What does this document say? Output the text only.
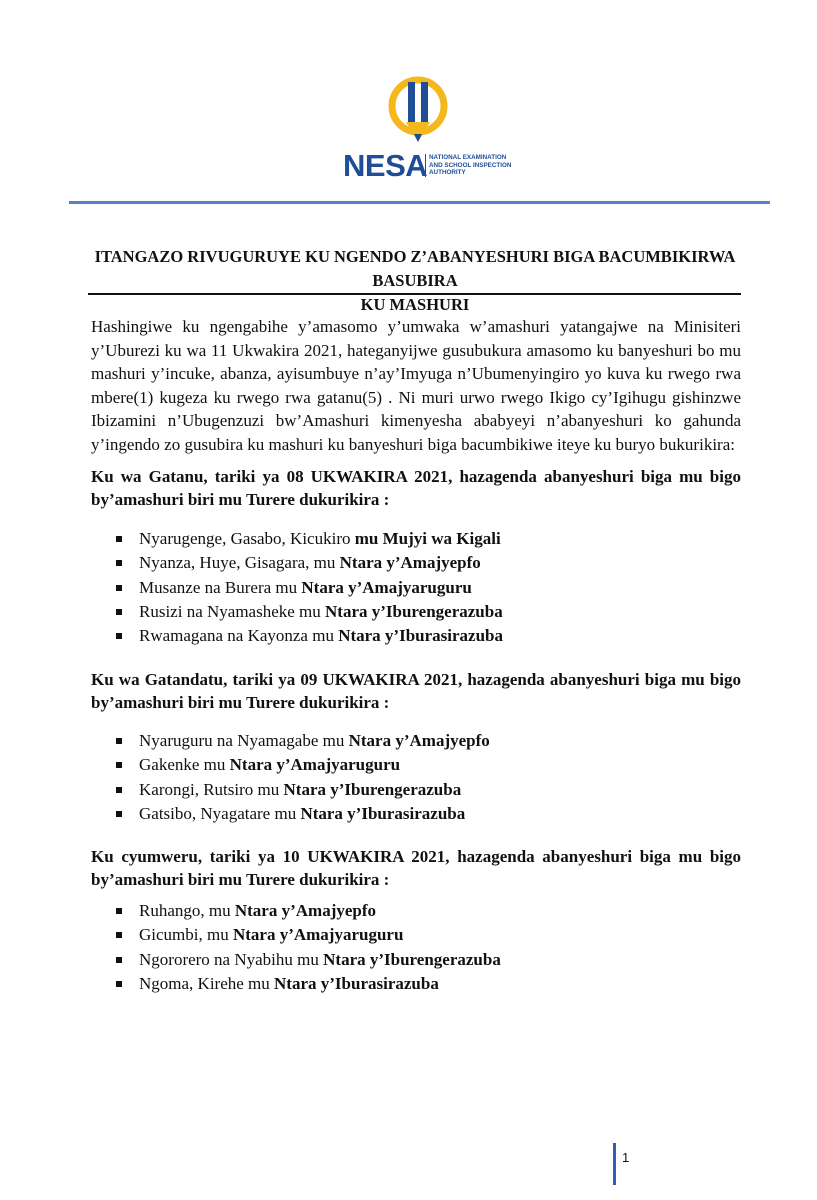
NESA NATIONAL EXAMINATION
AND SCHOOL INSPECTION
AUTHORITY
ITANGAZO RIVUGURUYE KU NGENDO Z’ABANYESHURI BIGA BACUMBIKIRWA BASUBIRA
KU MASHURI

Hashingiwe ku ngengabihe y’amasomo y’umwaka w’amashuri yatangajwe na Minisiteri y’Uburezi ku wa 11 Ukwakira 2021, hateganyijwe gusubukura amasomo ku banyeshuri bo mu mashuri y’incuke, abanza, ayisumbuye n’ay’Imyuga n’Ubumenyingiro yo kuva ku rwego rwa mbere(1) kugeza ku rwego rwa gatanu(5) . Ni muri urwo rwego Ikigo cy’Igihugu gishinzwe Ibizamini n’Ubugenzuzi bw’Amashuri kimenyesha ababyeyi n’abanyeshuri ko gahunda y’ingendo zo gusubira ku mashuri ku banyeshuri biga bacumbikiwe iteye ku buryo bukurikira:

Ku wa Gatanu, tariki ya 08 UKWAKIRA 2021, hazagenda abanyeshuri biga mu bigo by’amashuri biri mu Turere dukurikira :

Nyarugenge, Gasabo, Kicukiro mu Mujyi wa Kigali
Nyanza, Huye, Gisagara, mu Ntara y’Amajyepfo
Musanze na Burera mu Ntara y’Amajyaruguru
Rusizi na Nyamasheke mu Ntara y’Iburengerazuba
Rwamagana na Kayonza mu Ntara y’Iburasirazuba

Ku wa Gatandatu, tariki ya 09 UKWAKIRA 2021, hazagenda abanyeshuri biga mu bigo by’amashuri biri mu Turere dukurikira :

Nyaruguru na Nyamagabe mu Ntara y’Amajyepfo
Gakenke mu Ntara y’Amajyaruguru
Karongi, Rutsiro mu Ntara y’Iburengerazuba
Gatsibo, Nyagatare mu Ntara y’Iburasirazuba

Ku cyumweru, tariki ya 10 UKWAKIRA 2021, hazagenda abanyeshuri biga mu bigo by’amashuri biri mu Turere dukurikira :

Ruhango, mu Ntara y’Amajyepfo
Gicumbi, mu Ntara y’Amajyaruguru
Ngororero na Nyabihu mu Ntara y’Iburengerazuba
Ngoma, Kirehe mu Ntara y’Iburasirazuba
1
